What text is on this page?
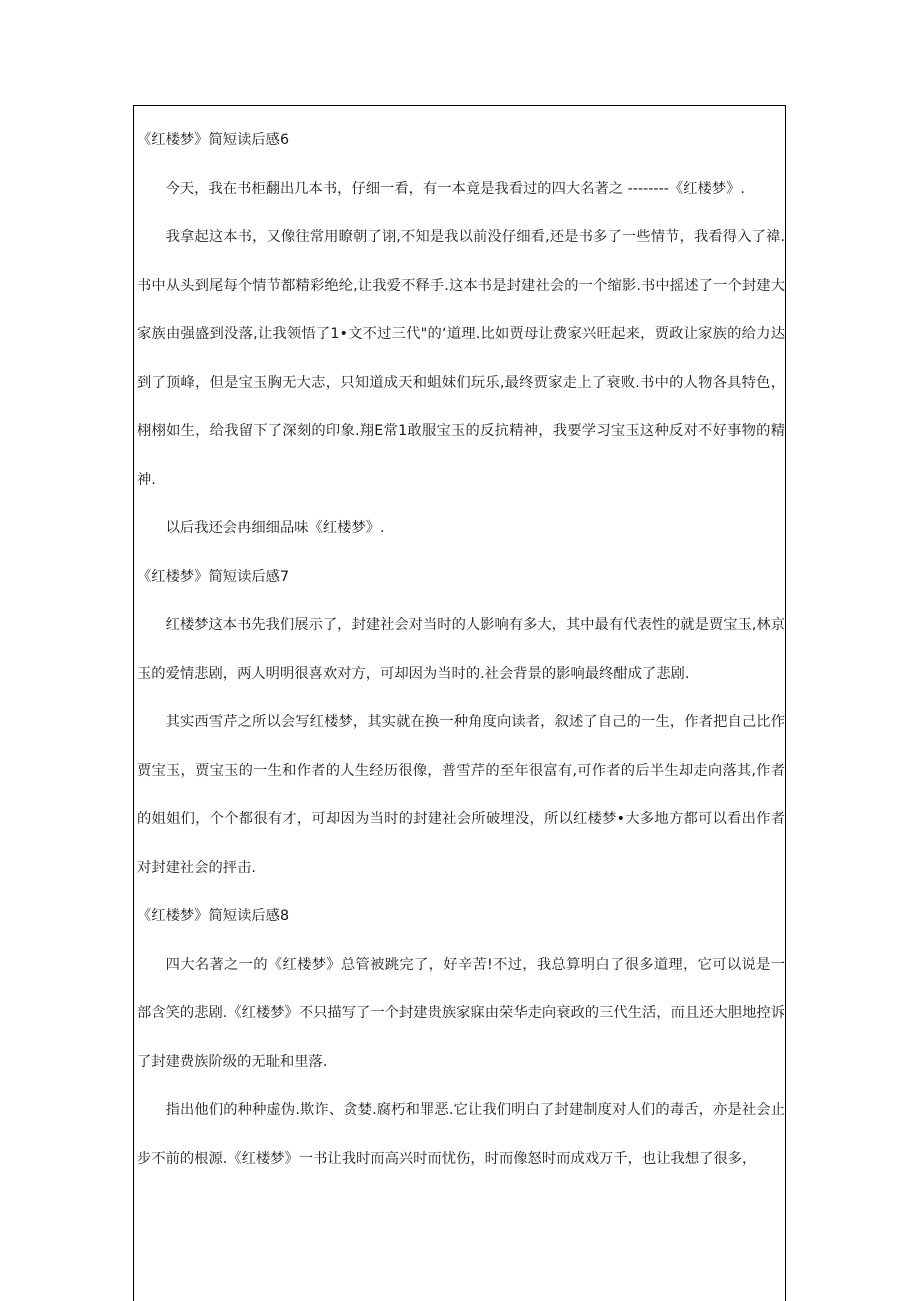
《红楼梦》简短读后感6

今天，我在书柜翻出几本书，仔细一看，有一本竟是我看过的四大名著之 --------《红楼梦》.

我拿起这本书，又像往常用瞭朝了诩,不知是我以前没仔细看,还是书多了一些情节，我看得入了禕.书中从头到尾每个情节都精彩绝纶,让我爱不释手.这本书是封建社会的一个缩影.书中摇述了一个封建大家族由强盛到没落,让我领悟了1•文不过三代"的‘道理.比如贾母让费家兴旺起来，贾政让家族的给力达到了顶峰，但是宝玉胸无大志，只知道成天和蛆妹们玩乐,最终贾家走上了衰败.书中的人物各具特色，栩栩如生，给我留下了深刻的印象.翔E常1敢服宝玉的反抗精神，我要学习宝玉这种反对不好事物的精神.

以后我还会冉细细品味《红楼梦》.

《红楼梦》简短读后感7

红楼梦这本书先我们展示了，封建社会对当时的人影响有多大，其中最有代表性的就是贾宝玉,林京玉的爱情悲剧，两人明明很喜欢对方，可却因为当时的.社会背景的影响最终酣成了悲剧.

其实西雪芹之所以会写红楼梦，其实就在换一种角度向读者，叙述了自己的一生，作者把自己比作贾宝玉，贾宝玉的一生和作者的人生经历很像，普雪芹的至年很富有,可作者的后半生却走向落其,作者的姐姐们，个个都很有才，可却因为当时的封建社会所破埋没，所以红楼梦•大多地方都可以看出作者对封建社会的抨击.

《红楼梦》简短读后感8

四大名著之一的《红楼梦》总管被跳完了，好辛苦!不过，我总算明白了很多道理，它可以说是一部含笑的悲剧.《红楼梦》不只描写了一个封建贵族家寐由荣华走向衰政的三代生活，而且还大胆地控诉了封建费族阶级的无耻和里落.

指出他们的种种虚伪.欺诈、贪婪.腐朽和罪恶.它让我们明白了封建制度对人们的毒舌，亦是社会止步不前的根源.《红楼梦》一书让我时而高兴时而忧伤，时而像怒时而成戏万千，也让我想了很多，
